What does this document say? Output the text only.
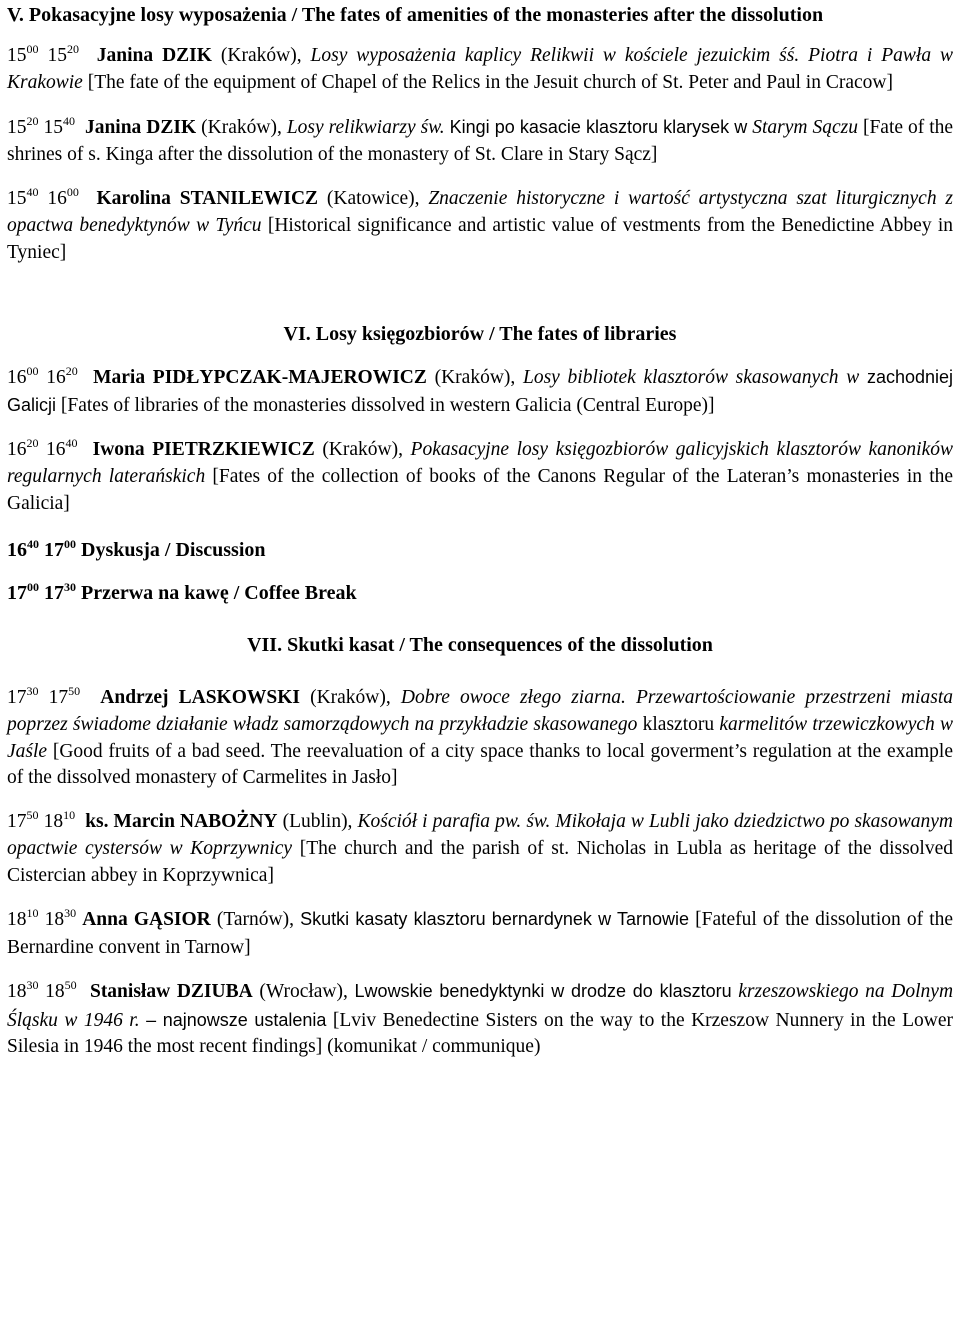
V. Pokasacyjne losy wyposażenia / The fates of amenities of the monasteries after the dissolution

$15^{00}$ $15^{20}$ Janina DZIK (Kraków), Losy wyposażenia kaplicy Relikwii w kościele jezuickim śś. Piotra i Pawła w Krakowie [The fate of the equipment of Chapel of the Relics in the Jesuit church of St. Peter and Paul in Cracow]

$15^{20}$ $15^{40}$ Janina DZIK (Kraków), Losy relikwiarzy św. Kingi po kasacie klasztoru klarysek w Starym Sączu [Fate of the shrines of s. Kinga after the dissolution of the monastery of St. Clare in Stary Sącz]

$15^{40}$ $16^{00}$ Karolina STANILEWICZ (Katowice), Znaczenie historyczne i wartość artystyczna szat liturgicznych z opactwa benedyktynów w Tyńcu [Historical significance and artistic value of vestments from the Benedictine Abbey in Tyniec]

VI. Losy księgozbiorów / The fates of libraries

$16^{00}$ $16^{20}$ Maria PIDŁYPCZAK-MAJEROWICZ (Kraków), Losy bibliotek klasztorów skasowanych w zachodniej Galicji [Fates of libraries of the monasteries dissolved in western Galicia (Central Europe)]

$16^{20}$ $16^{40}$ Iwona PIETRZKIEWICZ (Kraków), Pokasacyjne losy księgozbiorów galicyjskich klasztorów kanoników regularnych laterańskich [Fates of the collection of books of the Canons Regular of the Lateran’s monasteries in the Galicia]

$16^{40}$ $17^{00}$ Dyskusja / Discussion
$17^{00}$ $17^{30}$ Przerwa na kawę / Coffee Break
VII. Skutki kasat / The consequences of the dissolution

$17^{30}$ $17^{50}$ Andrzej LASKOWSKI (Kraków), Dobre owoce złego ziarna. Przewartościowanie przestrzeni miasta poprzez świadome działanie władz samorządowych na przykładzie skasowanego klasztoru karmelitów trzewiczkowych w Jaśle [Good fruits of a bad seed. The reevaluation of a city space thanks to local goverment’s regulation at the example of the dissolved monastery of Carmelites in Jasło]

$17^{50}$ $18^{10}$ ks. Marcin NABOŻNY (Lublin), Kościół i parafia pw. św. Mikołaja w Lubli jako dziedzictwo po skasowanym opactwie cystersów w Koprzywnicy [The church and the parish of st. Nicholas in Lubla as heritage of the dissolved Cistercian abbey in Koprzywnica]

$18^{10}$ $18^{30}$ Anna GĄSIOR (Tarnów), Skutki kasaty klasztoru bernardynek w Tarnowie [Fateful of the dissolution of the Bernardine convent in Tarnow]

$18^{30}$ $18^{50}$ Stanisław DZIUBA (Wrocław), Lwowskie benedyktynki w drodze do klasztoru krzeszowskiego na Dolnym Śląsku w 1946 r. – najnowsze ustalenia [Lviv Benedectine Sisters on the way to the Krzeszow Nunnery in the Lower Silesia in 1946 the most recent findings] (komunikat / communique)
